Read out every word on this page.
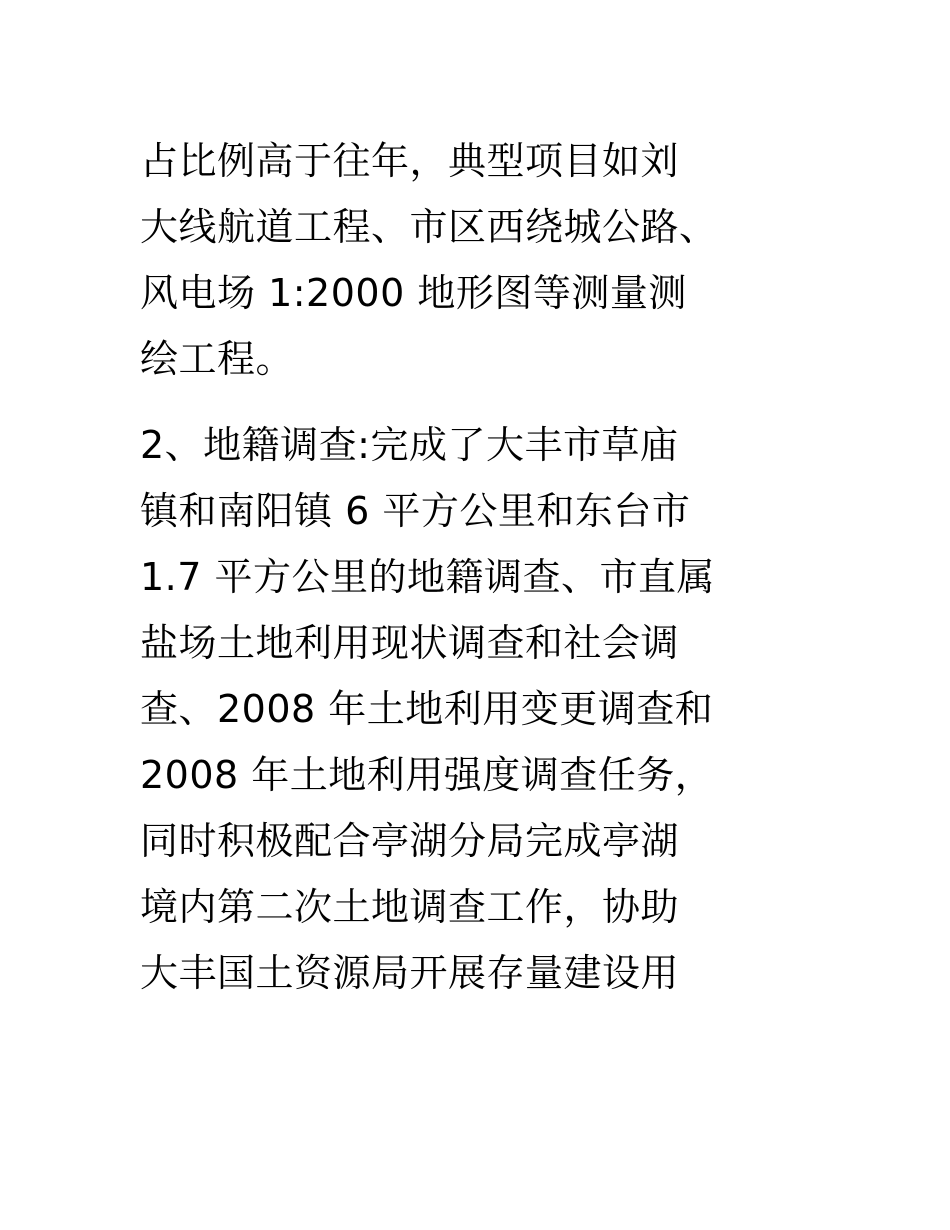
占比例高于往年，典型项目如刘
大线航道工程、市区西绕城公路、
风电场 1:2000 地形图等测量测
绘工程。
2、地籍调查:完成了大丰市草庙
镇和南阳镇 6 平方公里和东台市
1.7 平方公里的地籍调查、市直属
盐场土地利用现状调查和社会调
查、2008 年土地利用变更调查和
2008 年土地利用强度调查任务，
同时积极配合亭湖分局完成亭湖
境内第二次土地调查工作，协助
大丰国土资源局开展存量建设用
